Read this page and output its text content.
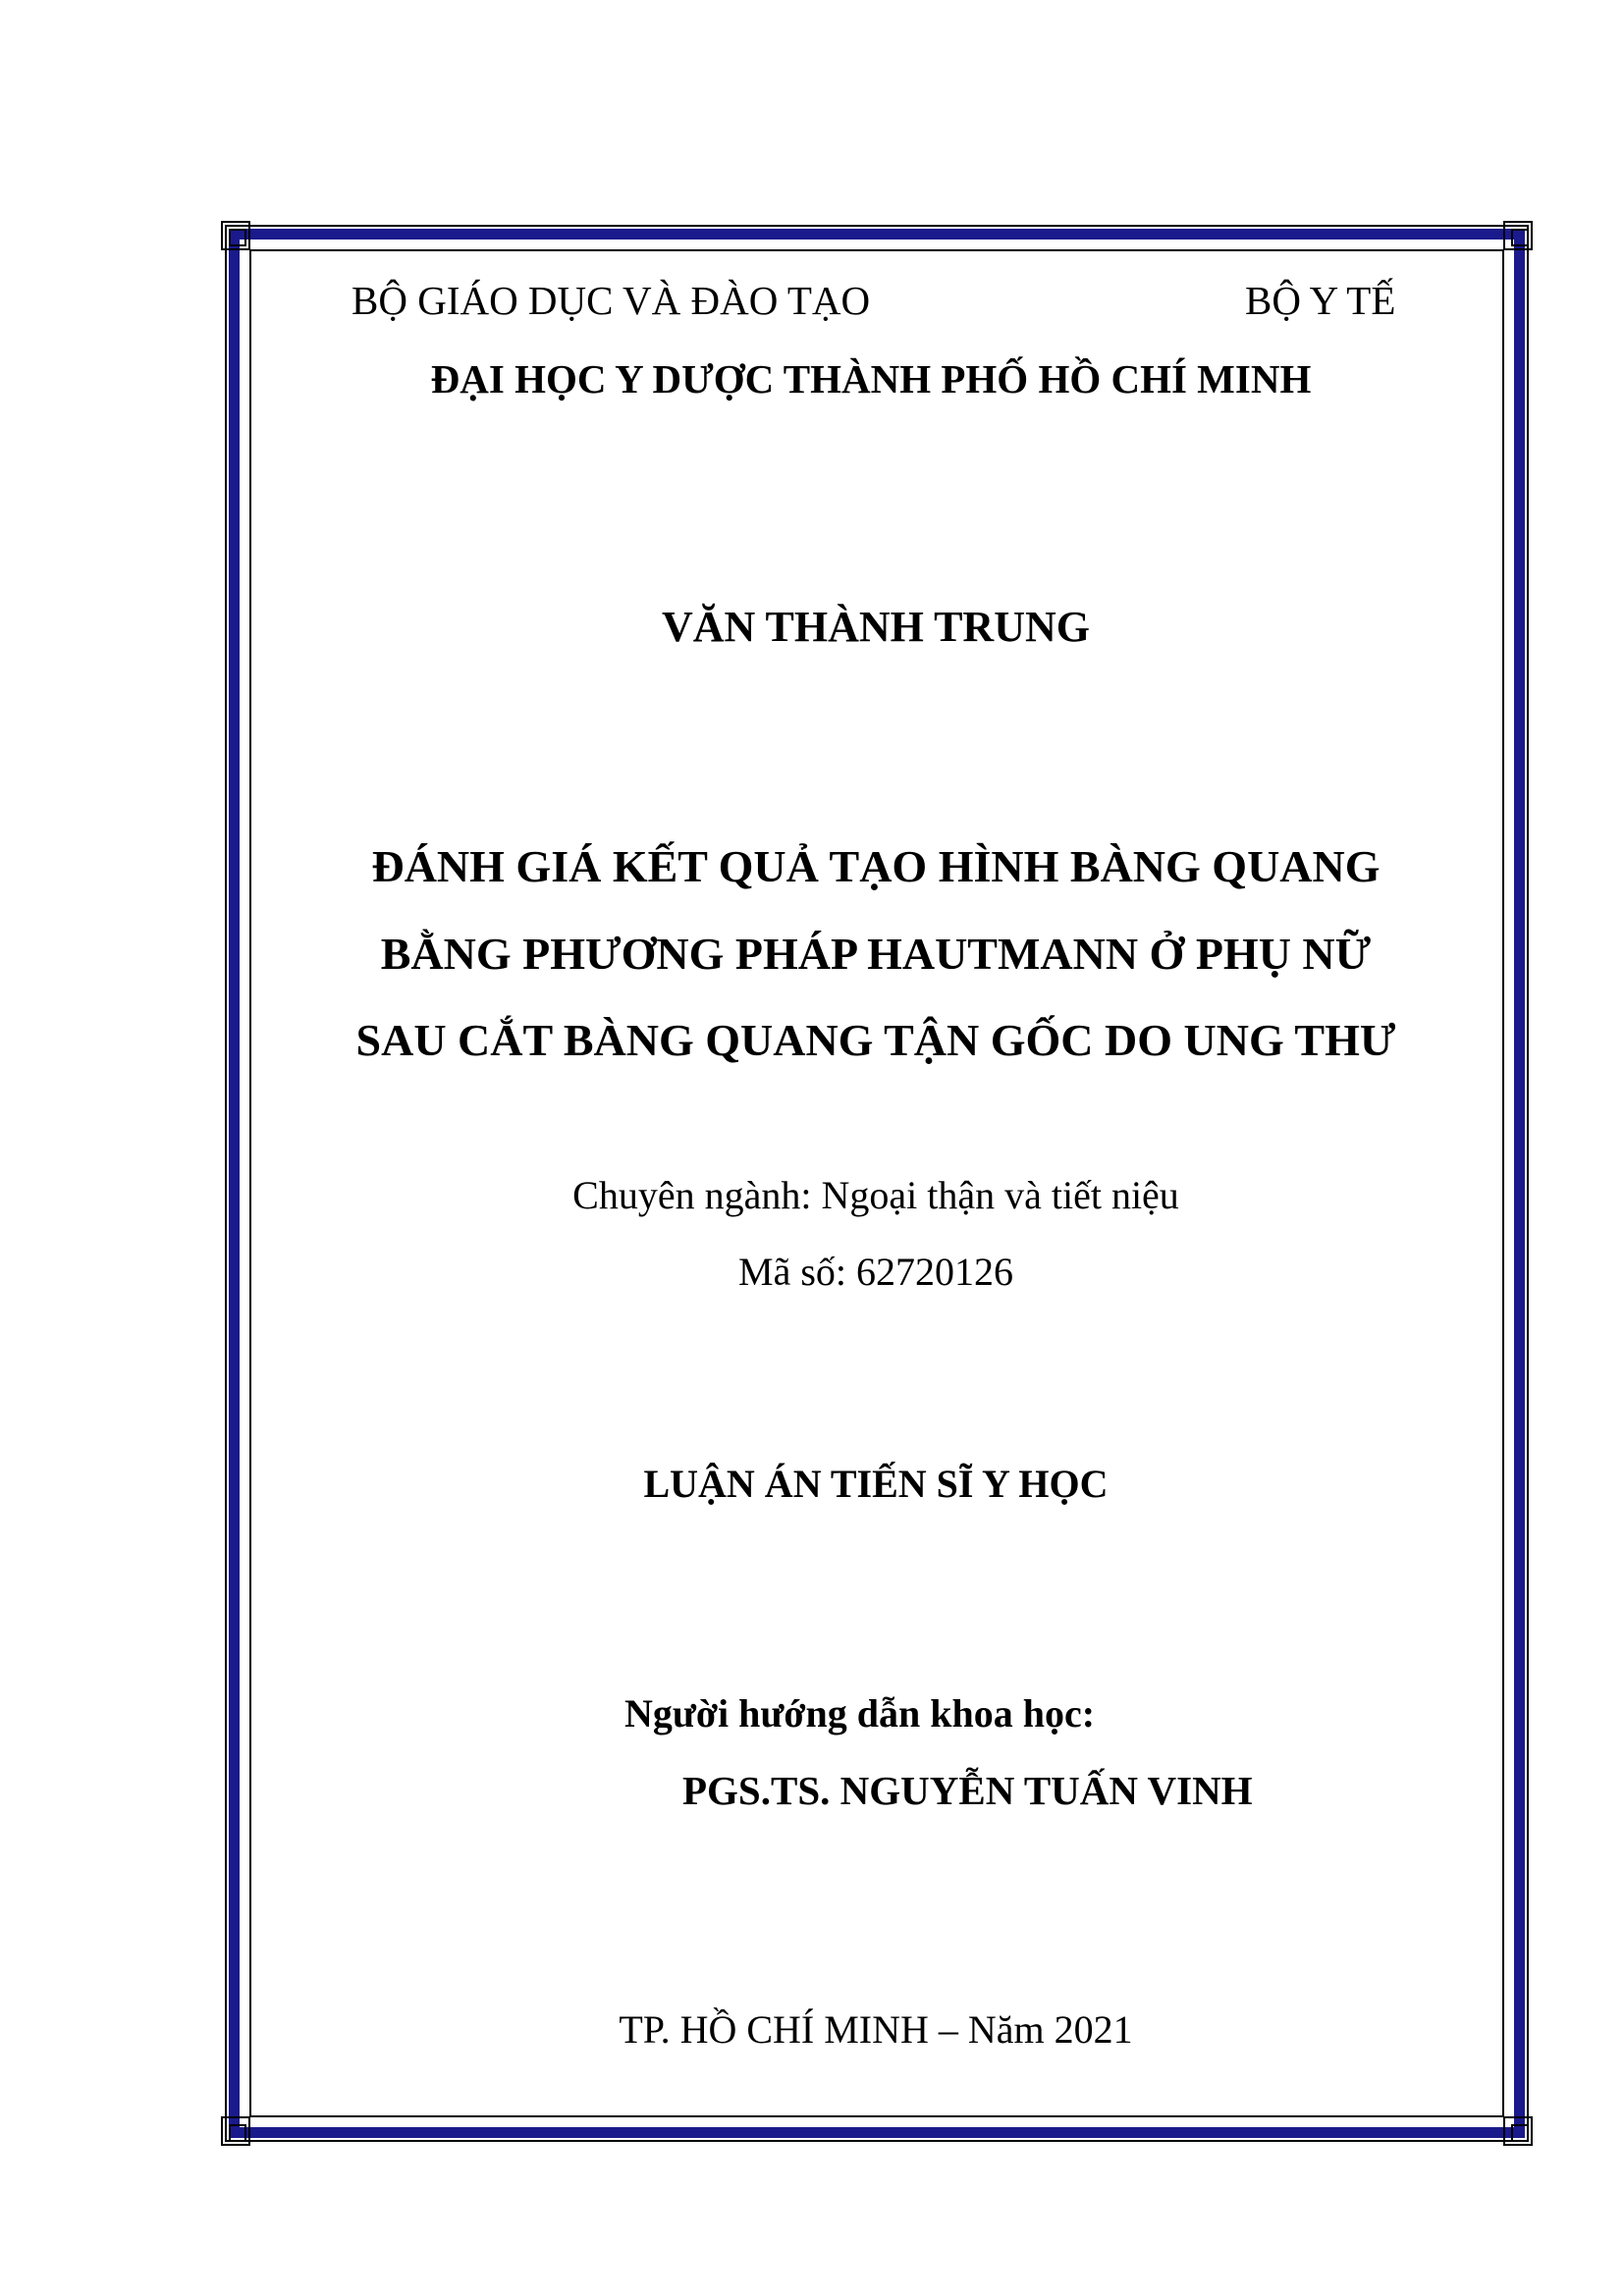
BỘ GIÁO DỤC VÀ ĐÀO TẠO	BỘ Y TẾ
ĐẠI HỌC Y DƯỢC THÀNH PHỐ HỒ CHÍ MINH
VĂN THÀNH TRUNG
ĐÁNH GIÁ KẾT QUẢ TẠO HÌNH BÀNG QUANG
BẰNG PHƯƠNG PHÁP HAUTMANN Ở PHỤ NỮ
SAU CẮT BÀNG QUANG TẬN GỐC DO UNG THƯ
Chuyên ngành: Ngoại thận và tiết niệu
Mã số: 62720126
LUẬN ÁN TIẾN SĨ Y HỌC
Người hướng dẫn khoa học:
PGS.TS. NGUYỄN TUẤN VINH
TP. HỒ CHÍ MINH – Năm 2021
